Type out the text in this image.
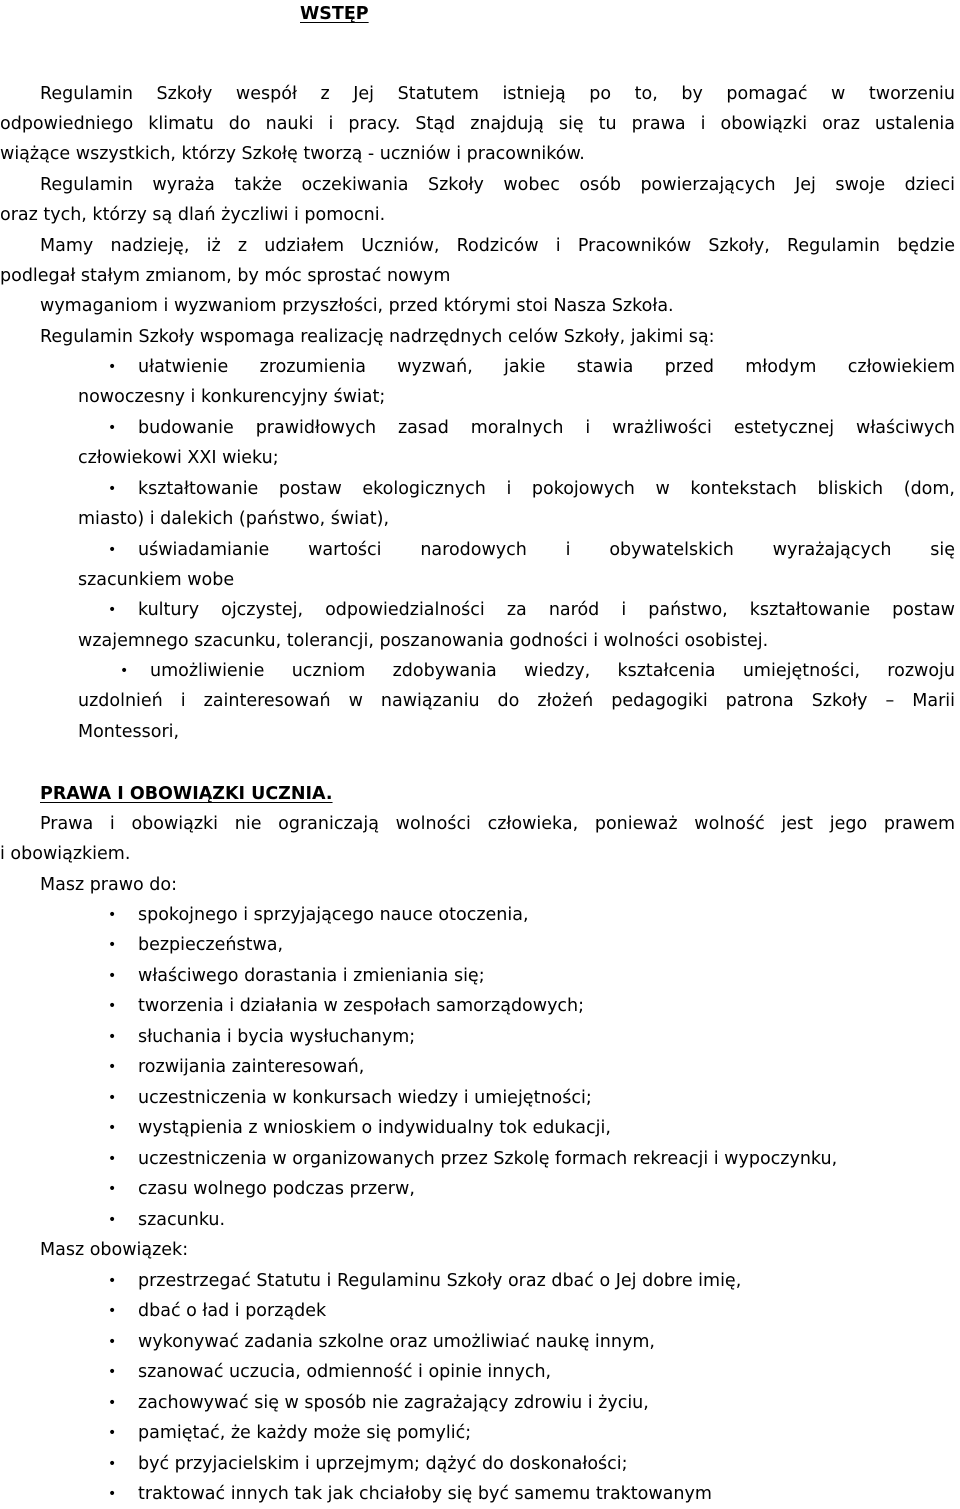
WSTĘP
Regulamin Szkoły wespół z Jej Statutem istnieją po to, by pomagać w tworzeniu
odpowiedniego klimatu do nauki i pracy. Stąd znajdują się tu prawa i obowiązki oraz ustalenia
wiążące wszystkich, którzy Szkołę tworzą - uczniów i pracowników.
Regulamin wyraża także oczekiwania Szkoły wobec osób powierzających Jej swoje dzieci
oraz tych, którzy są dlań życzliwi i pomocni.
Mamy nadzieję, iż z udziałem Uczniów, Rodziców i Pracowników Szkoły, Regulamin będzie
podlegał stałym zmianom, by móc sprostać nowym
wymaganiom i wyzwaniom przyszłości, przed którymi stoi Nasza Szkoła.
Regulamin Szkoły wspomaga realizację nadrzędnych celów Szkoły, jakimi są:
• ułatwienie zrozumienia wyzwań, jakie stawia przed młodym człowiekiem
nowoczesny i konkurencyjny świat;
• budowanie prawidłowych zasad moralnych i wrażliwości estetycznej właściwych
człowiekowi XXI wieku;
• kształtowanie postaw ekologicznych i pokojowych w kontekstach bliskich (dom,
miasto) i dalekich (państwo, świat),
• uświadamianie wartości narodowych i obywatelskich wyrażających się
szacunkiem wobe
• kultury ojczystej, odpowiedzialności za naród i państwo, kształtowanie postaw
wzajemnego szacunku, tolerancji, poszanowania godności i wolności osobistej.
• umożliwienie uczniom zdobywania wiedzy, kształcenia umiejętności, rozwoju
uzdolnień i zainteresowań w nawiązaniu do złożeń pedagogiki patrona Szkoły – Marii
Montessori,
PRAWA I OBOWIĄZKI UCZNIA.
Prawa i obowiązki nie ograniczają wolności człowieka, ponieważ wolność jest jego prawem
i obowiązkiem.
Masz prawo do:
• spokojnego i sprzyjającego nauce otoczenia,
• bezpieczeństwa,
• właściwego dorastania i zmieniania się;
• tworzenia i działania w zespołach samorządowych;
• słuchania i bycia wysłuchanym;
• rozwijania zainteresowań,
• uczestniczenia w konkursach wiedzy i umiejętności;
• wystąpienia z wnioskiem o indywidualny tok edukacji,
• uczestniczenia w organizowanych przez Szkolę formach rekreacji i wypoczynku,
• czasu wolnego podczas przerw,
• szacunku.
Masz obowiązek:
• przestrzegać Statutu i Regulaminu Szkoły oraz dbać o Jej dobre imię,
• dbać o ład i porządek
• wykonywać zadania szkolne oraz umożliwiać naukę innym,
• szanować uczucia, odmienność i opinie innych,
• zachowywać się w sposób nie zagrażający zdrowiu i życiu,
• pamiętać, że każdy może się pomylić;
• być przyjacielskim i uprzejmym; dążyć do doskonałości;
• traktować innych tak jak chciałoby się być samemu traktowanym
